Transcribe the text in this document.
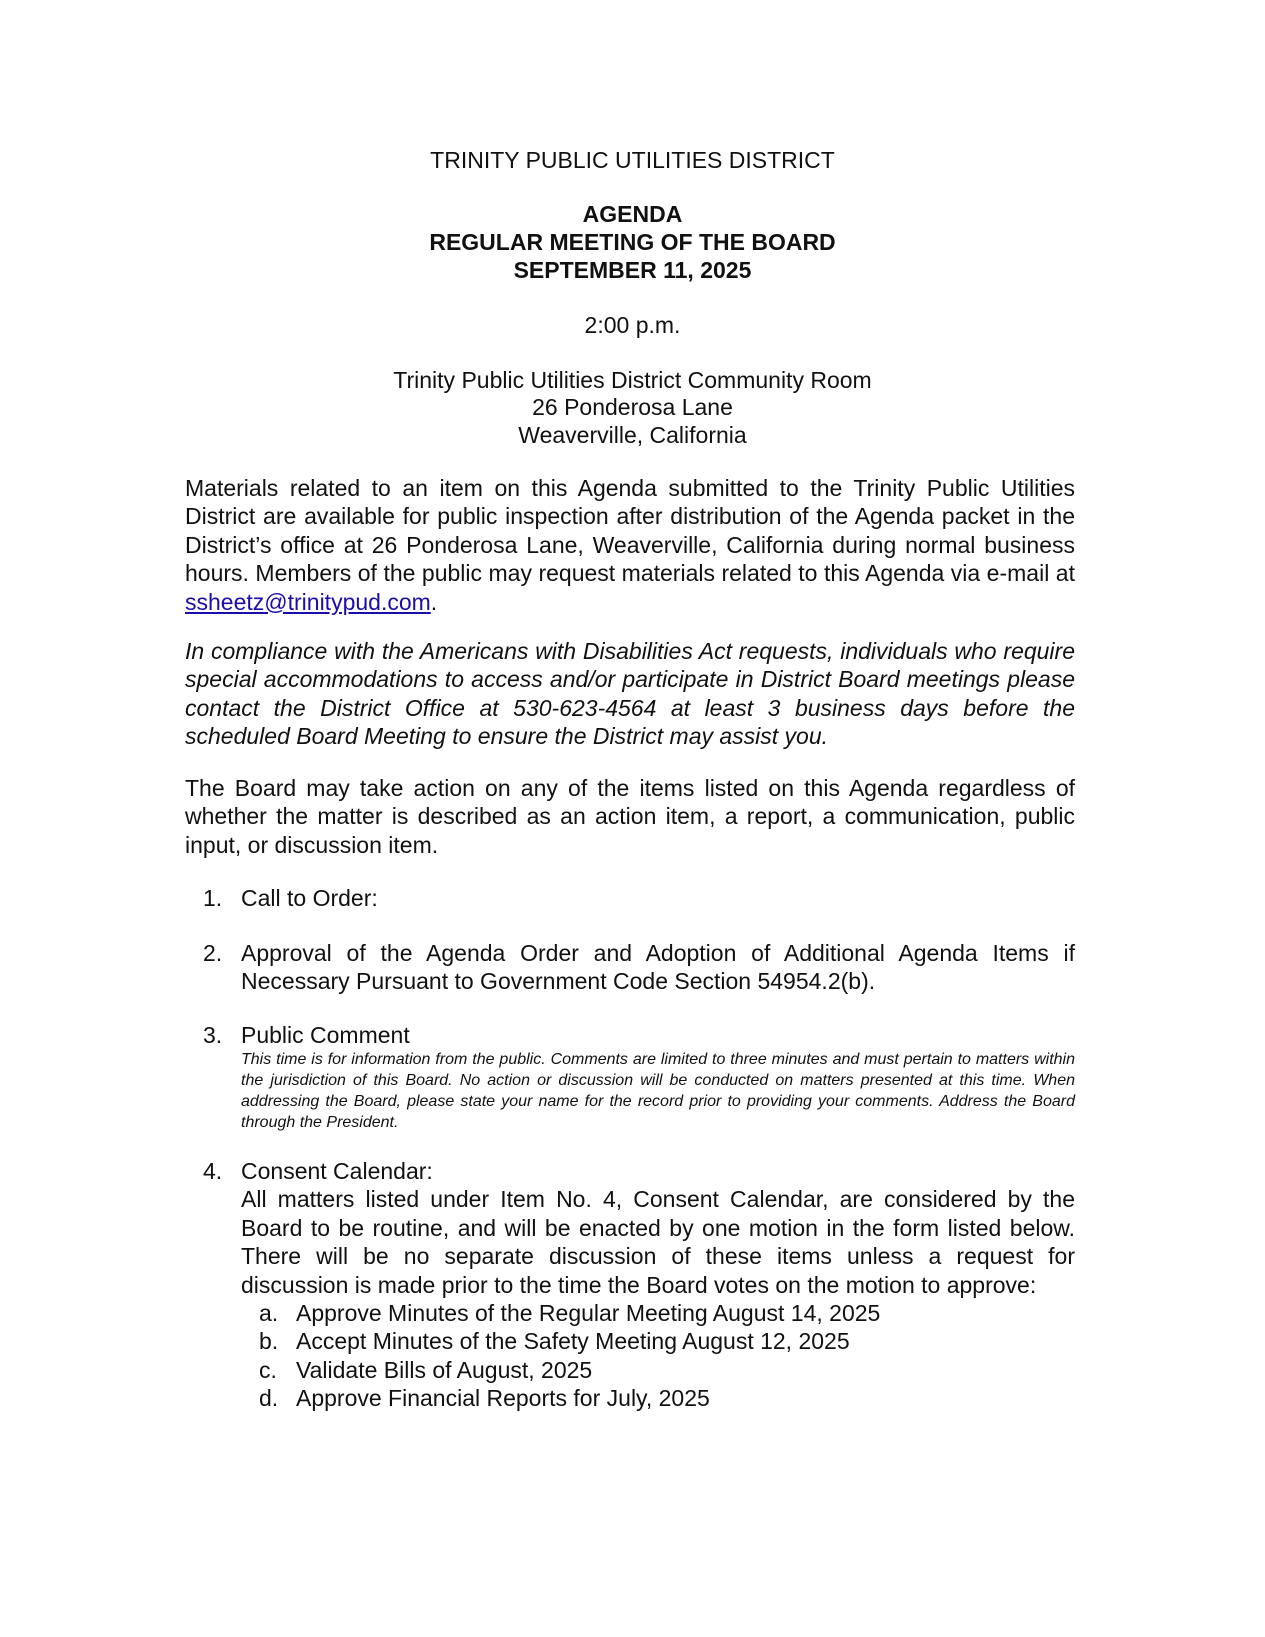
TRINITY PUBLIC UTILITIES DISTRICT
AGENDA
REGULAR MEETING OF THE BOARD
SEPTEMBER 11, 2025
2:00 p.m.
Trinity Public Utilities District Community Room
26 Ponderosa Lane
Weaverville, California
Materials related to an item on this Agenda submitted to the Trinity Public Utilities District are available for public inspection after distribution of the Agenda packet in the District’s office at 26 Ponderosa Lane, Weaverville, California during normal business hours. Members of the public may request materials related to this Agenda via e-mail at ssheetz@trinitypud.com.
In compliance with the Americans with Disabilities Act requests, individuals who require special accommodations to access and/or participate in District Board meetings please contact the District Office at 530-623-4564 at least 3 business days before the scheduled Board Meeting to ensure the District may assist you.
The Board may take action on any of the items listed on this Agenda regardless of whether the matter is described as an action item, a report, a communication, public input, or discussion item.
1. Call to Order:
2. Approval of the Agenda Order and Adoption of Additional Agenda Items if Necessary Pursuant to Government Code Section 54954.2(b).
3. Public Comment
This time is for information from the public. Comments are limited to three minutes and must pertain to matters within the jurisdiction of this Board. No action or discussion will be conducted on matters presented at this time. When addressing the Board, please state your name for the record prior to providing your comments. Address the Board through the President.
4. Consent Calendar:
All matters listed under Item No. 4, Consent Calendar, are considered by the Board to be routine, and will be enacted by one motion in the form listed below. There will be no separate discussion of these items unless a request for discussion is made prior to the time the Board votes on the motion to approve:
a. Approve Minutes of the Regular Meeting August 14, 2025
b. Accept Minutes of the Safety Meeting August 12, 2025
c. Validate Bills of August, 2025
d. Approve Financial Reports for July, 2025
